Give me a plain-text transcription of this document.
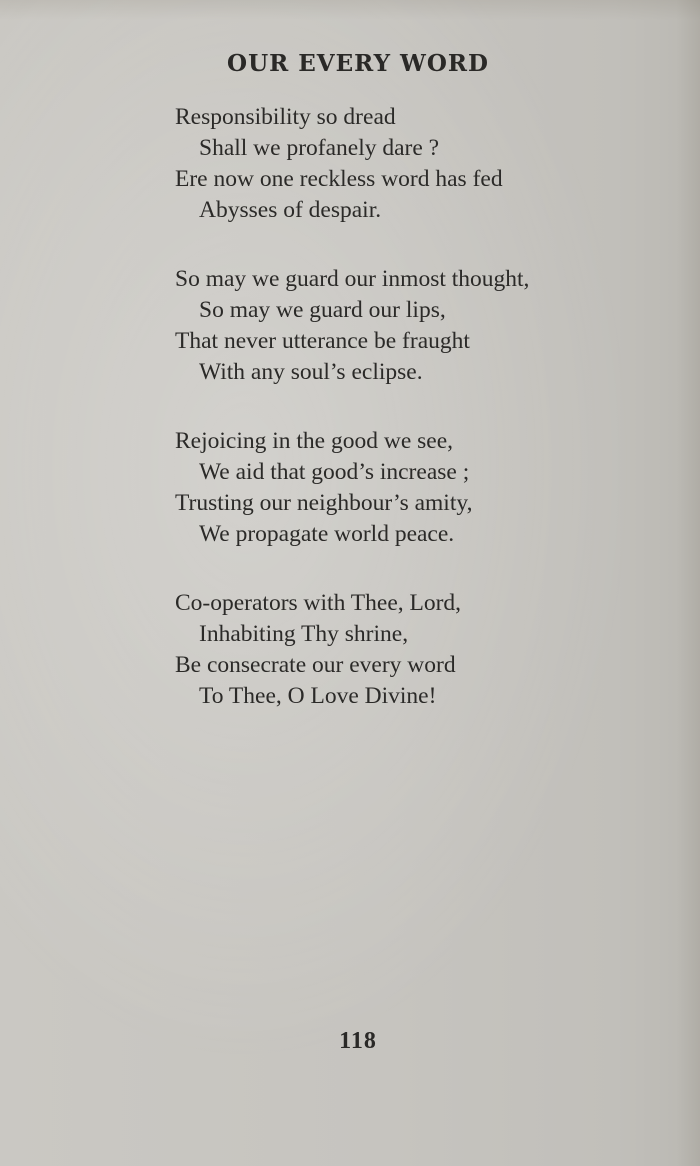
OUR EVERY WORD
Responsibility so dread
Shall we profanely dare ?
Ere now one reckless word has fed
Abysses of despair.
So may we guard our inmost thought,
So may we guard our lips,
That never utterance be fraught
With any soul’s eclipse.
Rejoicing in the good we see,
We aid that good’s increase ;
Trusting our neighbour’s amity,
We propagate world peace.
Co-operators with Thee, Lord,
Inhabiting Thy shrine,
Be consecrate our every word
To Thee, O Love Divine!
118
